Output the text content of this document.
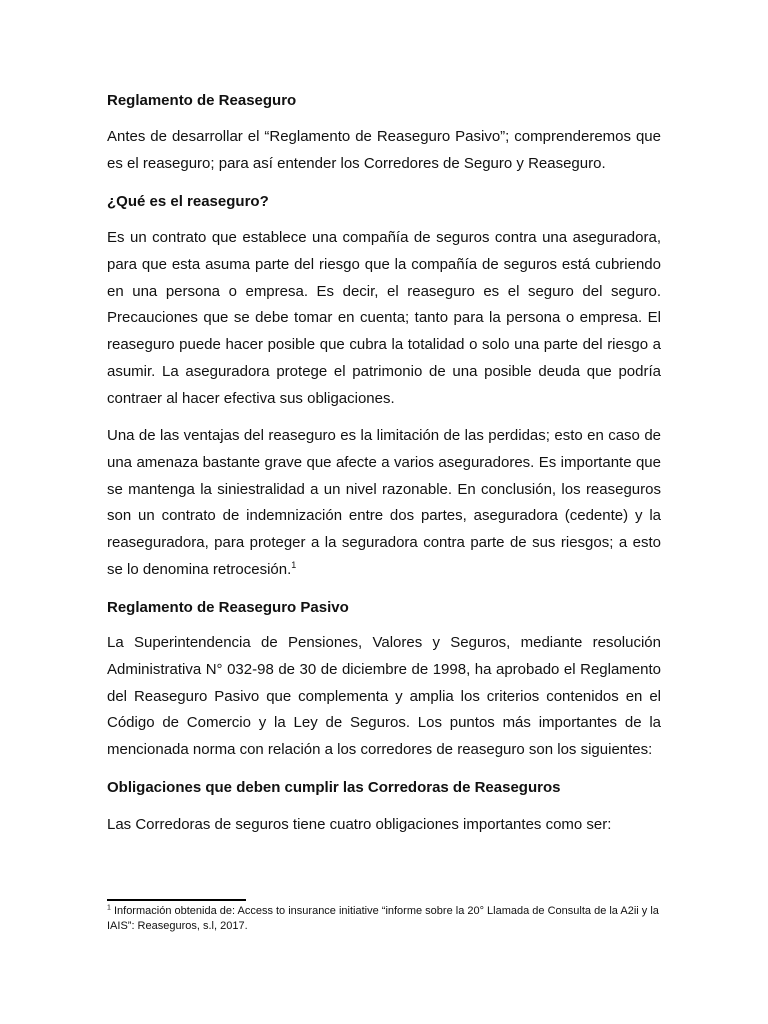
Reglamento de Reaseguro

Antes de desarrollar el “Reglamento de Reaseguro Pasivo”; comprenderemos que es el reaseguro; para así entender los Corredores de Seguro y Reaseguro.

¿Qué es el reaseguro?

Es un contrato que establece una compañía de seguros contra una aseguradora, para que esta asuma parte del riesgo que la compañía de seguros está cubriendo en una persona o empresa. Es decir, el reaseguro es el seguro del seguro. Precauciones que se debe tomar en cuenta; tanto para la persona o empresa. El reaseguro puede hacer posible que cubra la totalidad o solo una parte del riesgo a asumir. La aseguradora protege el patrimonio de una posible deuda que podría contraer al hacer efectiva sus obligaciones.

Una de las ventajas del reaseguro es la limitación de las perdidas; esto en caso de una amenaza bastante grave que afecte a varios aseguradores. Es importante que se mantenga la siniestralidad a un nivel razonable. En conclusión, los reaseguros son un contrato de indemnización entre dos partes, aseguradora (cedente) y la reaseguradora, para proteger a la seguradora contra parte de sus riesgos; a esto se lo denomina retrocesión.$^1$

Reglamento de Reaseguro Pasivo

La Superintendencia de Pensiones, Valores y Seguros, mediante resolución Administrativa N° 032-98 de 30 de diciembre de 1998, ha aprobado el Reglamento del Reaseguro Pasivo que complementa y amplia los criterios contenidos en el Código de Comercio y la Ley de Seguros. Los puntos más importantes de la mencionada norma con relación a los corredores de reaseguro son los siguientes:

Obligaciones que deben cumplir las Corredoras de Reaseguros

Las Corredoras de seguros tiene cuatro obligaciones importantes como ser:

$^1$ Información obtenida de: Access to insurance initiative “informe sobre la 20° Llamada de Consulta de la A2ii y la IAIS”: Reaseguros, s.l, 2017.
